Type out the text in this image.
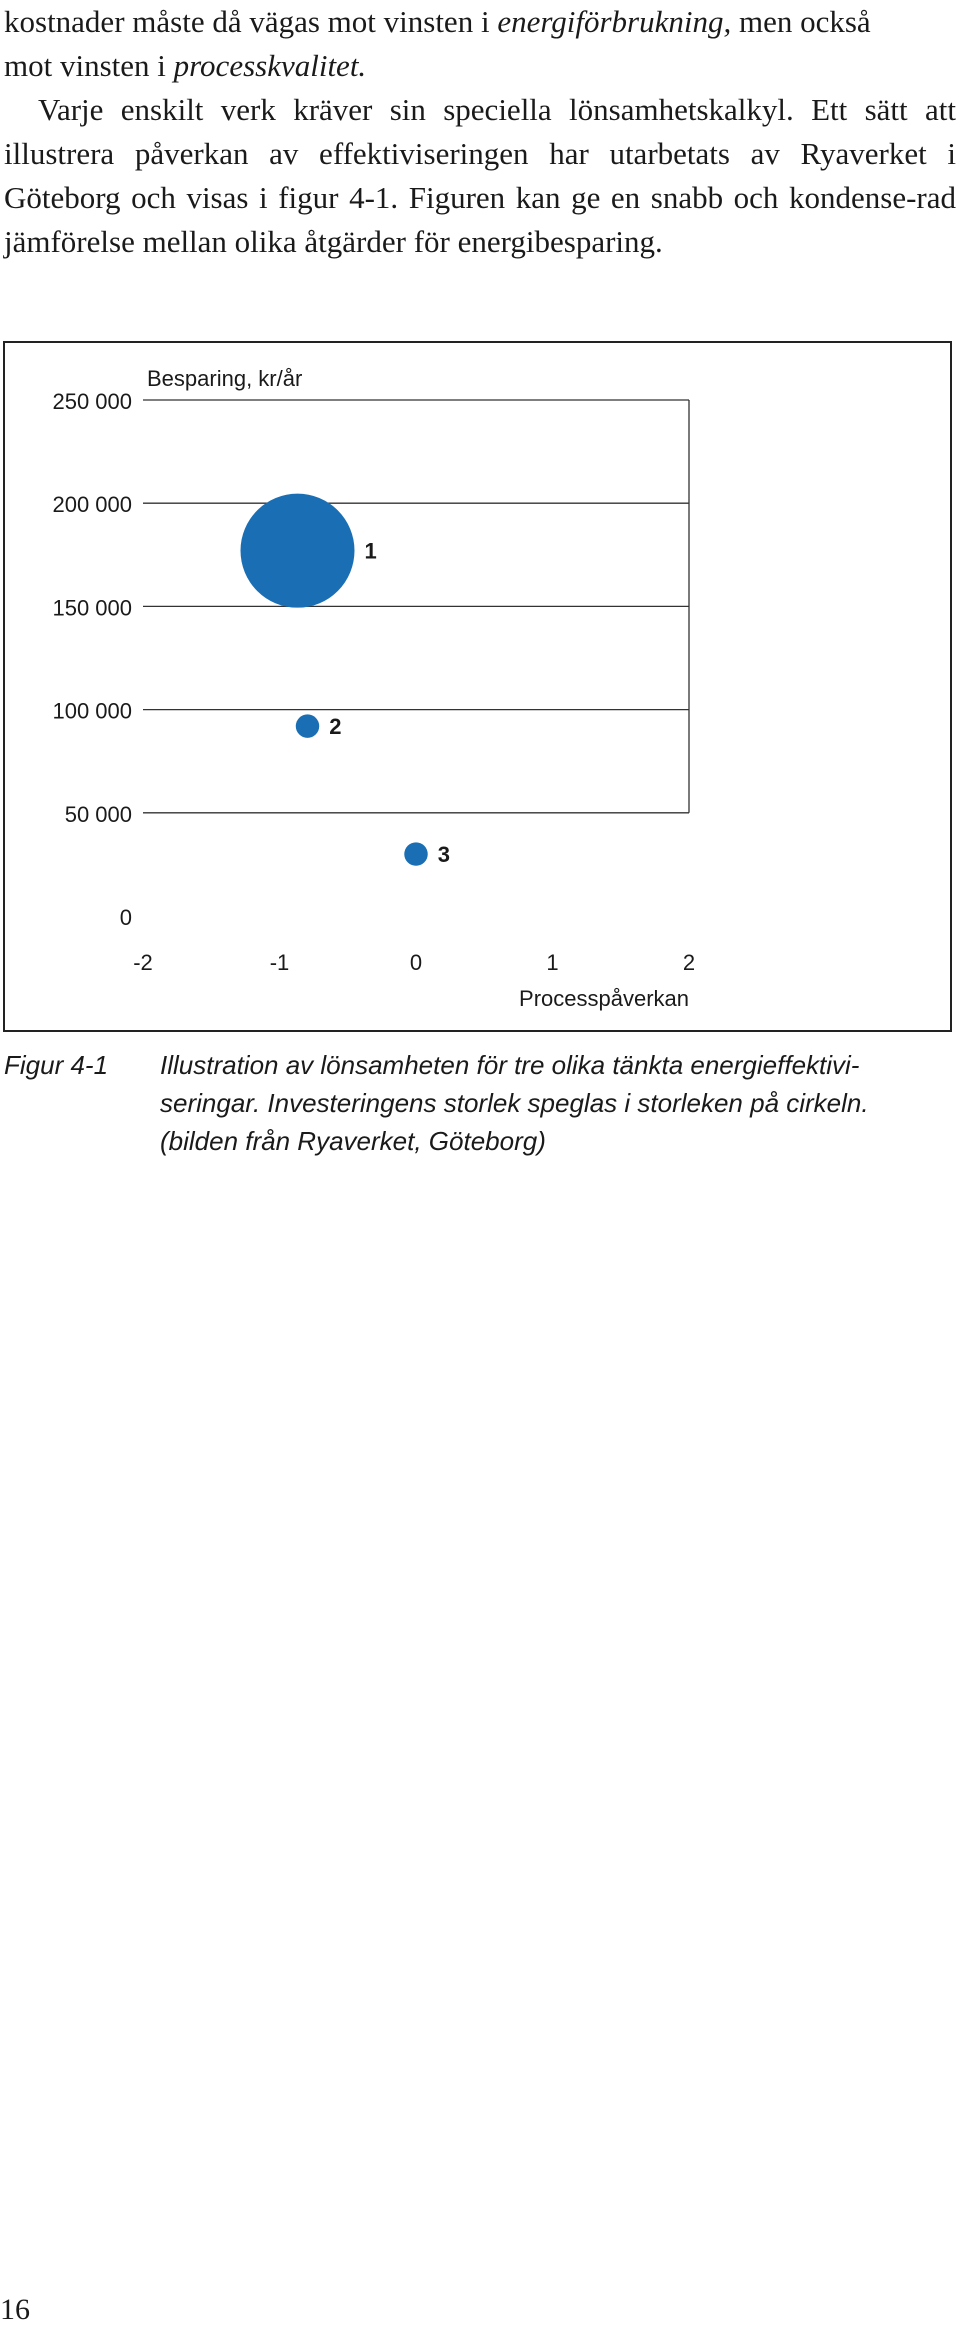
kostnader måste då vägas mot vinsten i energiförbrukning, men också
mot vinsten i processkvalitet.

Varje enskilt verk kräver sin speciella lönsamhetskalkyl. Ett sätt att illustrera påverkan av effektiviseringen har utarbetats av Ryaverket i Göteborg och visas i figur 4-1. Figuren kan ge en snabb och kondense-rad jämförelse mellan olika åtgärder för energibesparing.

0
50 000
100 000
150 000
200 000
250 000
-2	-1	0	1	2
Besparing, kr/år
Processpåverkan
1
2
3
Figur 4-1 Illustration av lönsamheten för tre olika tänkta energieffektivi-
seringar. Investeringens storlek speglas i storleken på cirkeln.
(bilden från Ryaverket, Göteborg)
16
